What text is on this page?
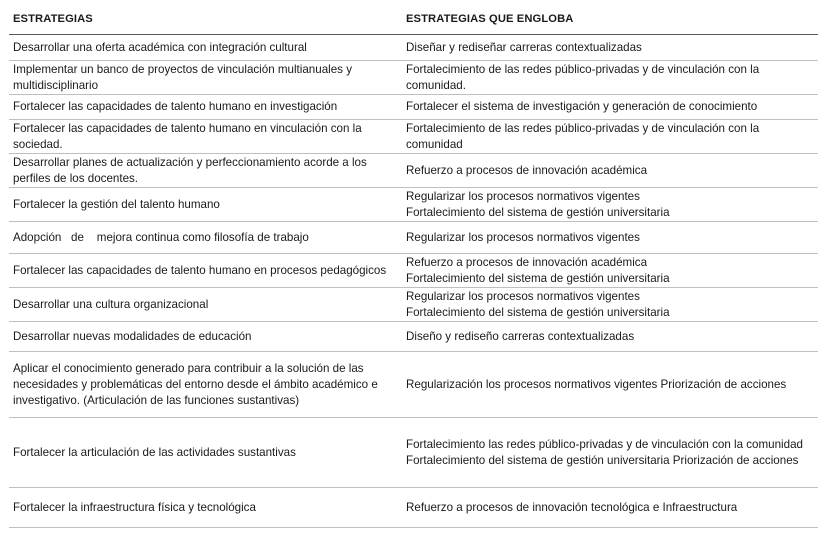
ESTRATEGIAS	ESTRATEGIAS QUE ENGLOBA
Desarrollar una oferta académica con integración cultural	Diseñar y rediseñar carreras contextualizadas

Implementar un banco de proyectos de vinculación multianuales y multidisciplinario	Fortalecimiento de las redes público-privadas y de vinculación con la comunidad.

Fortalecer las capacidades de talento humano en investigación	Fortalecer el sistema de investigación y generación de conocimiento

Fortalecer las capacidades de talento humano en vinculación con la sociedad.	Fortalecimiento de las redes público-privadas y de vinculación con la comunidad

Desarrollar planes de actualización y perfeccionamiento acorde a los perfiles de los docentes.	Refuerzo a procesos de innovación académica

Fortalecer la gestión del talento humano	Regularizar los procesos normativos vigentes
Fortalecimiento del sistema de gestión universitaria

Adopción   de    mejora continua como filosofía de trabajo	Regularizar los procesos normativos vigentes

Fortalecer las capacidades de talento humano en procesos pedagógicos	Refuerzo a procesos de innovación académica
Fortalecimiento del sistema de gestión universitaria

Desarrollar una cultura organizacional	Regularizar los procesos normativos vigentes
Fortalecimiento del sistema de gestión universitaria

Desarrollar nuevas modalidades de educación	Diseño y rediseño carreras contextualizadas

Aplicar el conocimiento generado para contribuir a la solución de las necesidades y problemáticas del entorno desde el ámbito académico e investigativo. (Articulación de las funciones sustantivas)	Regularización los procesos normativos vigentes Priorización de acciones

Fortalecer la articulación de las actividades sustantivas	Fortalecimiento las redes público-privadas y de vinculación con la comunidad
Fortalecimiento del sistema de gestión universitaria Priorización de acciones

Fortalecer la infraestructura física y tecnológica	Refuerzo a procesos de innovación tecnológica e Infraestructura
